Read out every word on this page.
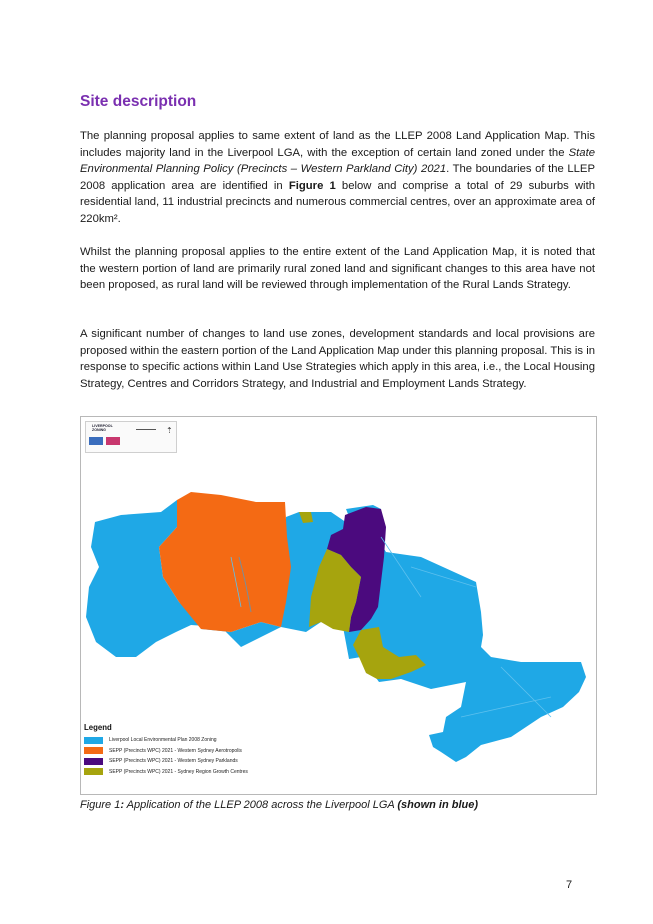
Site description

The planning proposal applies to same extent of land as the LLEP 2008 Land Application Map. This includes majority land in the Liverpool LGA, with the exception of certain land zoned under the State Environmental Planning Policy (Precincts – Western Parkland City) 2021. The boundaries of the LLEP 2008 application area are identified in Figure 1 below and comprise a total of 29 suburbs with residential land, 11 industrial precincts and numerous commercial centres, over an approximate area of 220km².

Whilst the planning proposal applies to the entire extent of the Land Application Map, it is noted that the western portion of land are primarily rural zoned land and significant changes to this area have not been proposed, as rural land will be reviewed through implementation of the Rural Lands Strategy.

A significant number of changes to land use zones, development standards and local provisions are proposed within the eastern portion of the Land Application Map under this planning proposal. This is in response to specific actions within Land Use Strategies which apply in this area, i.e., the Local Housing Strategy, Centres and Corridors Strategy, and Industrial and Employment Lands Strategy.

LIVERPOOL
ZONING	⇡
Legend
Liverpool Local Environmental Plan 2008 Zoning
SEPP (Precincts WPC) 2021 - Western Sydney Aerotropolis
SEPP (Precincts WPC) 2021 - Western Sydney Parklands
SEPP (Precincts WPC) 2021 - Sydney Region Growth Centres

Figure 1: Application of the LLEP 2008 across the Liverpool LGA (shown in blue)

7
